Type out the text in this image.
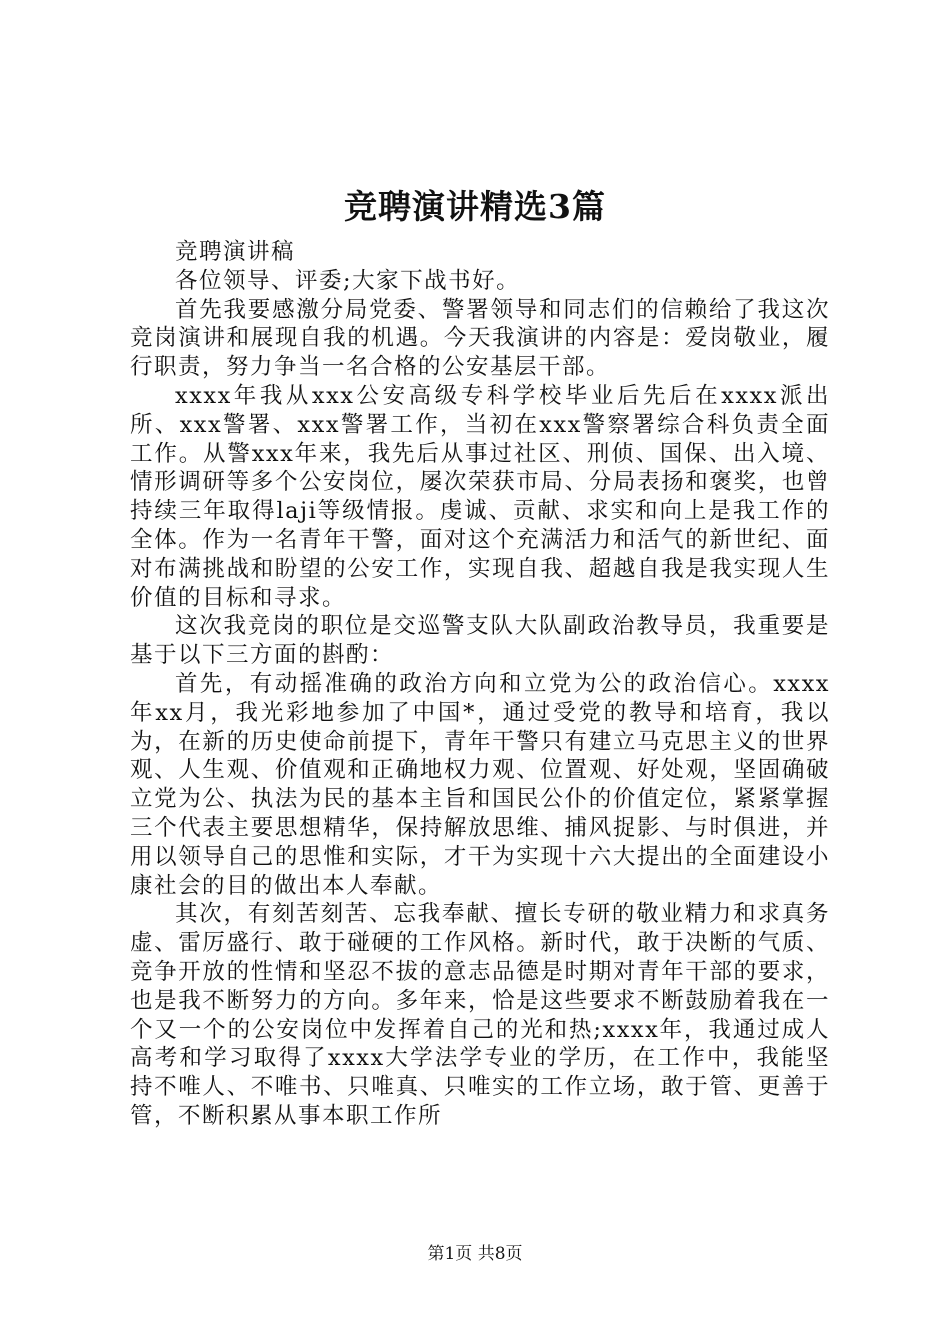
竞聘演讲精选3篇

竞聘演讲稿

各位领导、评委;大家下战书好。

首先我要感激分局党委、警署领导和同志们的信赖给了我这次竞岗演讲和展现自我的机遇。今天我演讲的内容是：爱岗敬业，履行职责，努力争当一名合格的公安基层干部。

xxxx年我从xxx公安高级专科学校毕业后先后在xxxx派出所、xxx警署、xxx警署工作，当初在xxx警察署综合科负责全面工作。从警xxx年来，我先后从事过社区、刑侦、国保、出入境、情形调研等多个公安岗位，屡次荣获市局、分局表扬和褒奖，也曾持续三年取得laji等级情报。虔诚、贡献、求实和向上是我工作的全体。作为一名青年干警，面对这个充满活力和活气的新世纪、面对布满挑战和盼望的公安工作，实现自我、超越自我是我实现人生价值的目标和寻求。

这次我竞岗的职位是交巡警支队大队副政治教导员，我重要是基于以下三方面的斟酌：

首先，有动摇准确的政治方向和立党为公的政治信心。xxxx年xx月，我光彩地参加了中国*，通过受党的教导和培育，我以为，在新的历史使命前提下，青年干警只有建立马克思主义的世界观、人生观、价值观和正确地权力观、位置观、好处观，坚固确破立党为公、执法为民的基本主旨和国民公仆的价值定位，紧紧掌握三个代表主要思想精华，保持解放思维、捕风捉影、与时俱进，并用以领导自己的思惟和实际，才干为实现十六大提出的全面建设小康社会的目的做出本人奉献。

其次，有刻苦刻苦、忘我奉献、擅长专研的敬业精力和求真务虚、雷厉盛行、敢于碰硬的工作风格。新时代，敢于决断的气质、竞争开放的性情和坚忍不拔的意志品德是时期对青年干部的要求，也是我不断努力的方向。多年来，恰是这些要求不断鼓励着我在一个又一个的公安岗位中发挥着自己的光和热;xxxx年，我通过成人高考和学习取得了xxxx大学法学专业的学历，在工作中，我能坚持不唯人、不唯书、只唯真、只唯实的工作立场，敢于管、更善于管，不断积累从事本职工作所

第1页 共8页
